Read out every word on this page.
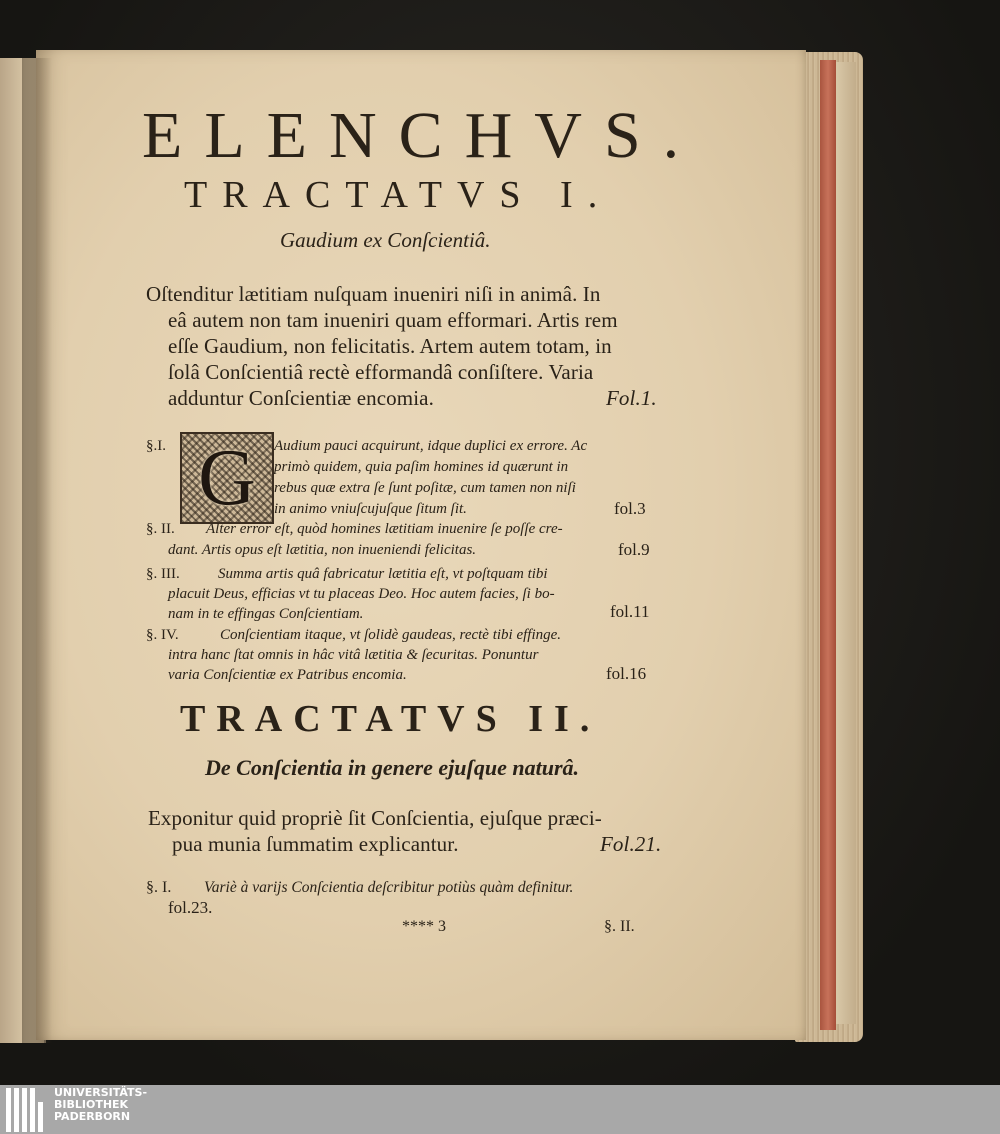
ELENCHVS.
TRACTATVS I.
Gaudium ex Conſcientiâ.
Oſtenditur lætitiam nuſquam inueniri niſi in animâ. In
eâ autem non tam inueniri quam efformari. Artis rem
eſſe Gaudium, non felicitatis. Artem autem totam, in
ſolâ Conſcientiâ rectè efformandâ conſiſtere. Varia
adduntur Conſcientiæ encomia.	Fol.1.
§.I. G	Audium pauci acquirunt, idque duplici ex errore. Ac
primò quidem, quia paſim homines id quærunt in
rebus quæ extra ſe ſunt poſitæ, cum tamen non niſi
in animo vniuſcujuſque ſitum ſit.	fol.3
§. II. Alter error eſt, quòd homines lætitiam inuenire ſe poſſe cre-
dant. Artis opus eſt lætitia, non inueniendi felicitas.	fol.9
§. III.	Summa artis quâ fabricatur lætitia eſt, vt poſtquam tibi
placuit Deus, efficias vt tu placeas Deo. Hoc autem facies, ſi bo-
nam in te effingas Conſcientiam.	fol.11
§. IV.	Conſcientiam itaque, vt ſolidè gaudeas, rectè tibi effinge.
intra hanc ſtat omnis in hâc vitâ lætitia & ſecuritas. Ponuntur
varia Conſcientiæ ex Patribus encomia.	fol.16
TRACTATVS II.
De Conſcientia in genere ejuſque naturâ.
Exponitur quid propriè ſit Conſcientia, ejuſque præci-
pua munia ſummatim explicantur.	Fol.21.
§. I. Variè à varijs Conſcientia deſcribitur potiùs quàm definitur.
fol.23.
**** 3	§. II.
UNIVERSITÄTS-
BIBLIOTHEK
PADERBORN
